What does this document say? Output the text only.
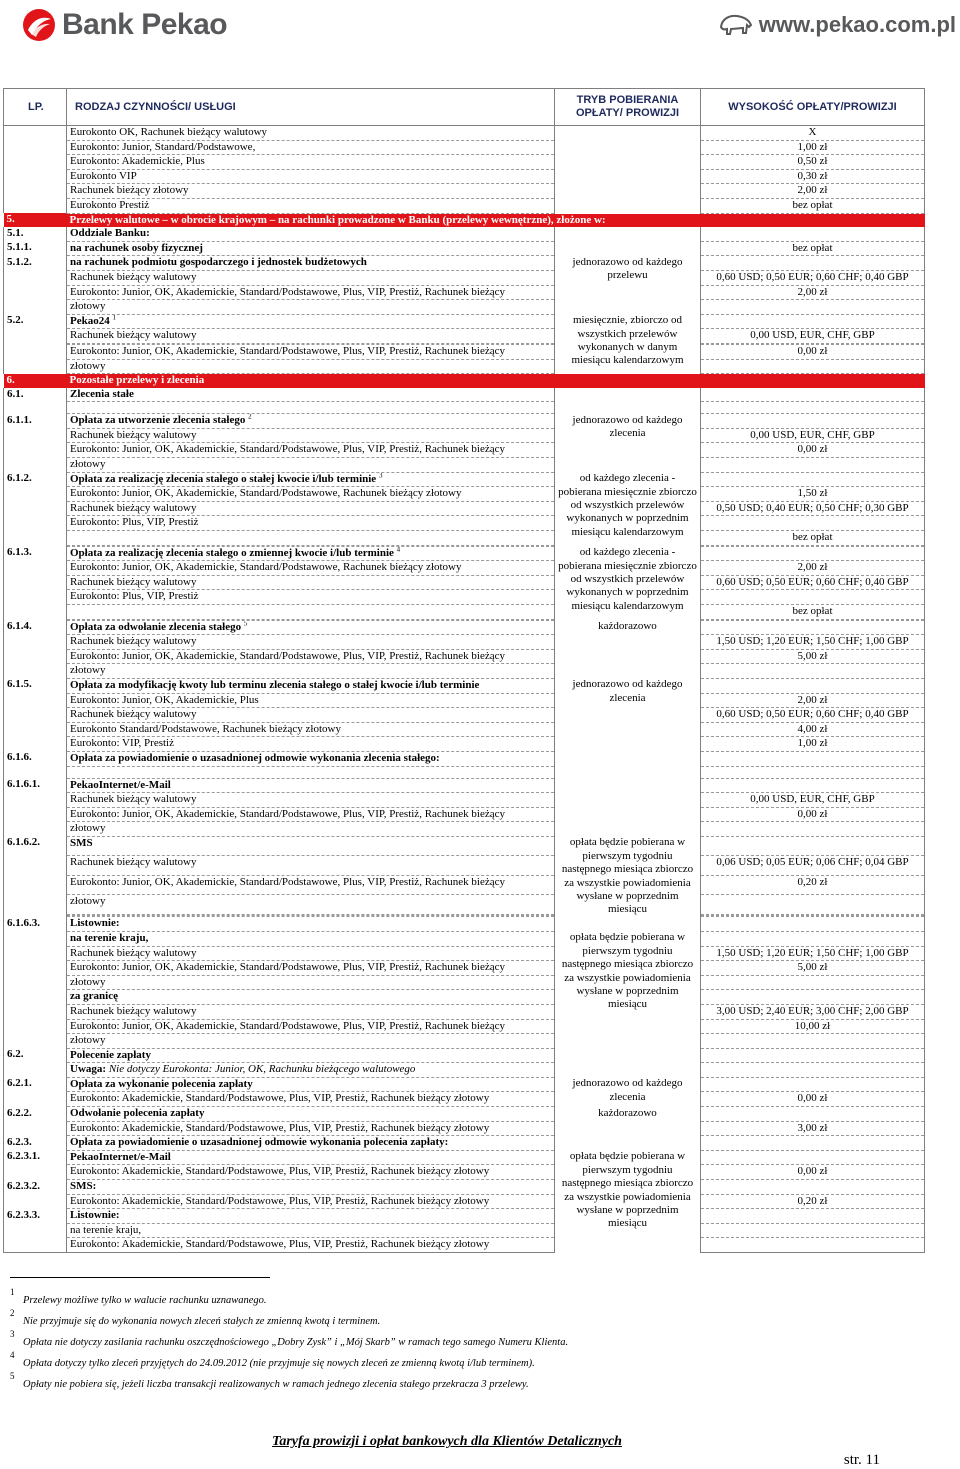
Bank Pekao	www.pekao.com.pl
LP.	RODZAJ CZYNNOŚCI/ USŁUGI	TRYB POBIERANIA OPŁATY/ PROWIZJI	WYSOKOŚĆ OPŁATY/PROWIZJI	
	Eurokonto OK, Rachunek bieżący walutowy		X	
	Eurokonto: Junior, Standard/Podstawowe,		1,00 zł	
	Eurokonto: Akademickie, Plus		0,50 zł	
	Eurokonto VIP		0,30 zł	
	Rachunek bieżący złotowy		2,00 zł	
	Eurokonto Prestiż		bez opłat	
5.	Przelewy walutowe – w obrocie krajowym – na rachunki prowadzone w Banku (przelewy wewnętrzne), złożone w:			
5.1.	Oddziale Banku:			
5.1.1.	na rachunek osoby fizycznej		bez opłat	
5.1.2.	na rachunek podmiotu gospodarczego i jednostek budżetowych	jednorazowo od każdego przelewu		
	Rachunek bieżący walutowy		0,60 USD; 0,50 EUR; 0,60 CHF; 0,40 GBP	
	Eurokonto: Junior, OK, Akademickie, Standard/Podstawowe, Plus, VIP, Prestiż, Rachunek bieżący		2,00 zł	
	złotowy			
5.2.	Pekao24 $^1$	miesięcznie, zbiorczo od wszystkich przelewów wykonanych w danym miesiącu kalendarzowym		
	Rachunek bieżący walutowy		0,00 USD, EUR, CHF, GBP	

	Eurokonto: Junior, OK, Akademickie, Standard/Podstawowe, Plus, VIP, Prestiż, Rachunek bieżący		0,00 zł	
	złotowy			
6.	Pozostałe przelewy i zlecenia			
6.1.	Zlecenia stałe			

6.1.1.	Opłata za utworzenie zlecenia stałego $^2$	jednorazowo od każdego zlecenia		
	Rachunek bieżący walutowy		0,00 USD, EUR, CHF, GBP	
	Eurokonto: Junior, OK, Akademickie, Standard/Podstawowe, Plus, VIP, Prestiż, Rachunek bieżący		0,00 zł	
	złotowy			
6.1.2.	Opłata za realizację zlecenia stałego o stałej kwocie i/lub terminie $^3$	od każdego zlecenia - pobierana miesięcznie zbiorczo od wszystkich przelewów wykonanych w poprzednim miesiącu kalendarzowym		
	Eurokonto: Junior, OK, Akademickie, Standard/Podstawowe, Rachunek bieżący złotowy		1,50 zł	
	Rachunek bieżący walutowy		0,50 USD; 0,40 EUR; 0,50 CHF; 0,30 GBP	
	Eurokonto: Plus, VIP, Prestiż			
			bez opłat	

6.1.3.	Opłata za realizację zlecenia stałego o zmiennej kwocie i/lub terminie $^4$	od każdego zlecenia - pobierana miesięcznie zbiorczo od wszystkich przelewów wykonanych w poprzednim miesiącu kalendarzowym		
	Eurokonto: Junior, OK, Akademickie, Standard/Podstawowe, Rachunek bieżący złotowy		2,00 zł	
	Rachunek bieżący walutowy		0,60 USD; 0,50 EUR; 0,60 CHF; 0,40 GBP	
	Eurokonto: Plus, VIP, Prestiż			
			bez opłat	

6.1.4.	Opłata za odwołanie zlecenia stałego $^5$	każdorazowo		
	Rachunek bieżący walutowy		1,50 USD; 1,20 EUR; 1,50 CHF; 1,00 GBP	
	Eurokonto: Junior, OK, Akademickie, Standard/Podstawowe, Plus, VIP, Prestiż, Rachunek bieżący		5,00 zł	
	złotowy			
6.1.5.	Opłata za modyfikację kwoty lub terminu zlecenia stałego o stałej kwocie i/lub terminie	jednorazowo od każdego zlecenia		
	Eurokonto: Junior, OK, Akademickie, Plus		2,00 zł	
	Rachunek bieżący walutowy		0,60 USD; 0,50 EUR; 0,60 CHF; 0,40 GBP	
	Eurokonto Standard/Podstawowe, Rachunek bieżący złotowy		4,00 zł	
	Eurokonto: VIP, Prestiż		1,00 zł	
6.1.6.	Opłata za powiadomienie o uzasadnionej odmowie wykonania zlecenia stałego:			

6.1.6.1.	PekaoInternet/e-Mail			
	Rachunek bieżący walutowy		0,00 USD, EUR, CHF, GBP	
	Eurokonto: Junior, OK, Akademickie, Standard/Podstawowe, Plus, VIP, Prestiż, Rachunek bieżący		0,00 zł	
	złotowy			
6.1.6.2.	SMS	opłata będzie pobierana w pierwszym tygodniu następnego miesiąca zbiorczo za wszystkie powiadomienia wysłane w poprzednim miesiącu		
	Rachunek bieżący walutowy		0,06 USD; 0,05 EUR; 0,06 CHF; 0,04 GBP	
	Eurokonto: Junior, OK, Akademickie, Standard/Podstawowe, Plus, VIP, Prestiż, Rachunek bieżący		0,20 zł	
	złotowy			

6.1.6.3.	Listownie:			
	na terenie kraju,	opłata będzie pobierana w pierwszym tygodniu następnego miesiąca zbiorczo za wszystkie powiadomienia wysłane w poprzednim miesiącu		
	Rachunek bieżący walutowy		1,50 USD; 1,20 EUR; 1,50 CHF; 1,00 GBP	
	Eurokonto: Junior, OK, Akademickie, Standard/Podstawowe, Plus, VIP, Prestiż, Rachunek bieżący		5,00 zł	
	złotowy			
	za granicę			
	Rachunek bieżący walutowy		3,00 USD; 2,40 EUR; 3,00 CHF; 2,00 GBP	
	Eurokonto: Junior, OK, Akademickie, Standard/Podstawowe, Plus, VIP, Prestiż, Rachunek bieżący		10,00 zł	
	złotowy			
6.2.	Polecenie zapłaty			
	Uwaga: Nie dotyczy Eurokonta: Junior, OK, Rachunku bieżącego walutowego			
6.2.1.	Opłata za wykonanie polecenia zapłaty	jednorazowo od każdego zlecenia		
	Eurokonto: Akademickie, Standard/Podstawowe, Plus, VIP, Prestiż, Rachunek bieżący złotowy		0,00 zł	
6.2.2.	Odwołanie polecenia zapłaty	każdorazowo		
	Eurokonto: Akademickie, Standard/Podstawowe, Plus, VIP, Prestiż, Rachunek bieżący złotowy		3,00 zł	
6.2.3.	Opłata za powiadomienie o uzasadnionej odmowie wykonania polecenia zapłaty:			
6.2.3.1.	PekaoInternet/e-Mail	opłata będzie pobierana w pierwszym tygodniu następnego miesiąca zbiorczo za wszystkie powiadomienia wysłane w poprzednim miesiącu		
	Eurokonto: Akademickie, Standard/Podstawowe, Plus, VIP, Prestiż, Rachunek bieżący złotowy		0,00 zł	
6.2.3.2.	SMS:			
	Eurokonto: Akademickie, Standard/Podstawowe, Plus, VIP, Prestiż, Rachunek bieżący złotowy		0,20 zł	
6.2.3.3.	Listownie:			
	na terenie kraju,			
	Eurokonto: Akademickie, Standard/Podstawowe, Plus, VIP, Prestiż, Rachunek bieżący złotowy		
1
Przelewy możliwe tylko w walucie rachunku uznawanego.
2
Nie przyjmuje się do wykonania nowych zleceń stałych ze zmienną kwotą i terminem.
3
Opłata nie dotyczy zasilania rachunku oszczędnościowego „Dobry Zysk” i „Mój Skarb” w ramach tego samego Numeru Klienta.
4
Opłata dotyczy tylko zleceń przyjętych do 24.09.2012 (nie przyjmuje się nowych zleceń ze zmienną kwotą i/lub terminem).
5
Opłaty nie pobiera się, jeżeli liczba transakcji realizowanych w ramach jednego zlecenia stałego przekracza 3 przelewy.
Taryfa prowizji i opłat bankowych dla Klientów Detalicznych
str. 11
